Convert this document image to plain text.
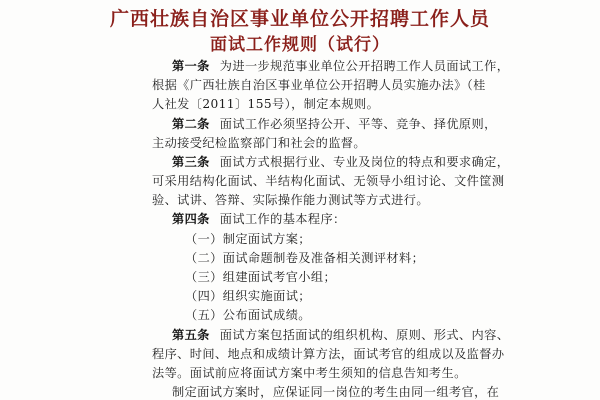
广西壮族自治区事业单位公开招聘工作人员
面试工作规则（试行）
第一条 为进一步规范事业单位公开招聘工作人员面试工作，
根据《广西壮族自治区事业单位公开招聘人员实施办法》（桂
人社发〔2011〕155号），制定本规则。
第二条 面试工作必须坚持公开、平等、竞争、择优原则，
主动接受纪检监察部门和社会的监督。
第三条 面试方式根据行业、专业及岗位的特点和要求确定，
可采用结构化面试、半结构化面试、无领导小组讨论、文件筐测
验、试讲、答辩、实际操作能力测试等方式进行。
第四条 面试工作的基本程序：
（一）制定面试方案；
（二）面试命题制卷及准备相关测评材料；
（三）组建面试考官小组；
（四）组织实施面试；
（五）公布面试成绩。
第五条 面试方案包括面试的组织机构、原则、形式、内容、
程序、时间、地点和成绩计算方法，面试考官的组成以及监督办
法等。面试前应将面试方案中考生须知的信息告知考生。
制定面试方案时，应保证同一岗位的考生由同一组考官，在
